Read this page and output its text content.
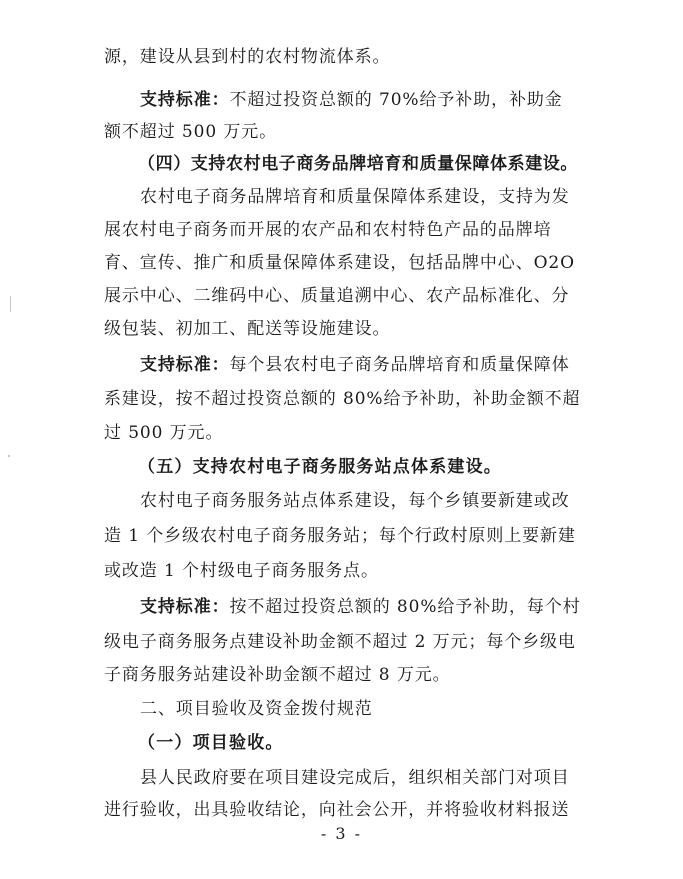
源，建设从县到村的农村物流体系。
支持标准：不超过投资总额的 70%给予补助，补助金
额不超过 500 万元。
（四）支持农村电子商务品牌培育和质量保障体系建设。
农村电子商务品牌培育和质量保障体系建设，支持为发
展农村电子商务而开展的农产品和农村特色产品的品牌培
育、宣传、推广和质量保障体系建设，包括品牌中心、O2O
展示中心、二维码中心、质量追溯中心、农产品标准化、分
级包装、初加工、配送等设施建设。
支持标准：每个县农村电子商务品牌培育和质量保障体
系建设，按不超过投资总额的 80%给予补助，补助金额不超
过 500 万元。
（五）支持农村电子商务服务站点体系建设。
农村电子商务服务站点体系建设，每个乡镇要新建或改
造 1 个乡级农村电子商务服务站；每个行政村原则上要新建
或改造 1 个村级电子商务服务点。
支持标准：按不超过投资总额的 80%给予补助，每个村
级电子商务服务点建设补助金额不超过 2 万元；每个乡级电
子商务服务站建设补助金额不超过 8 万元。
二、项目验收及资金拨付规范
（一）项目验收。
县人民政府要在项目建设完成后，组织相关部门对项目
进行验收，出具验收结论，向社会公开，并将验收材料报送
- 3 -
